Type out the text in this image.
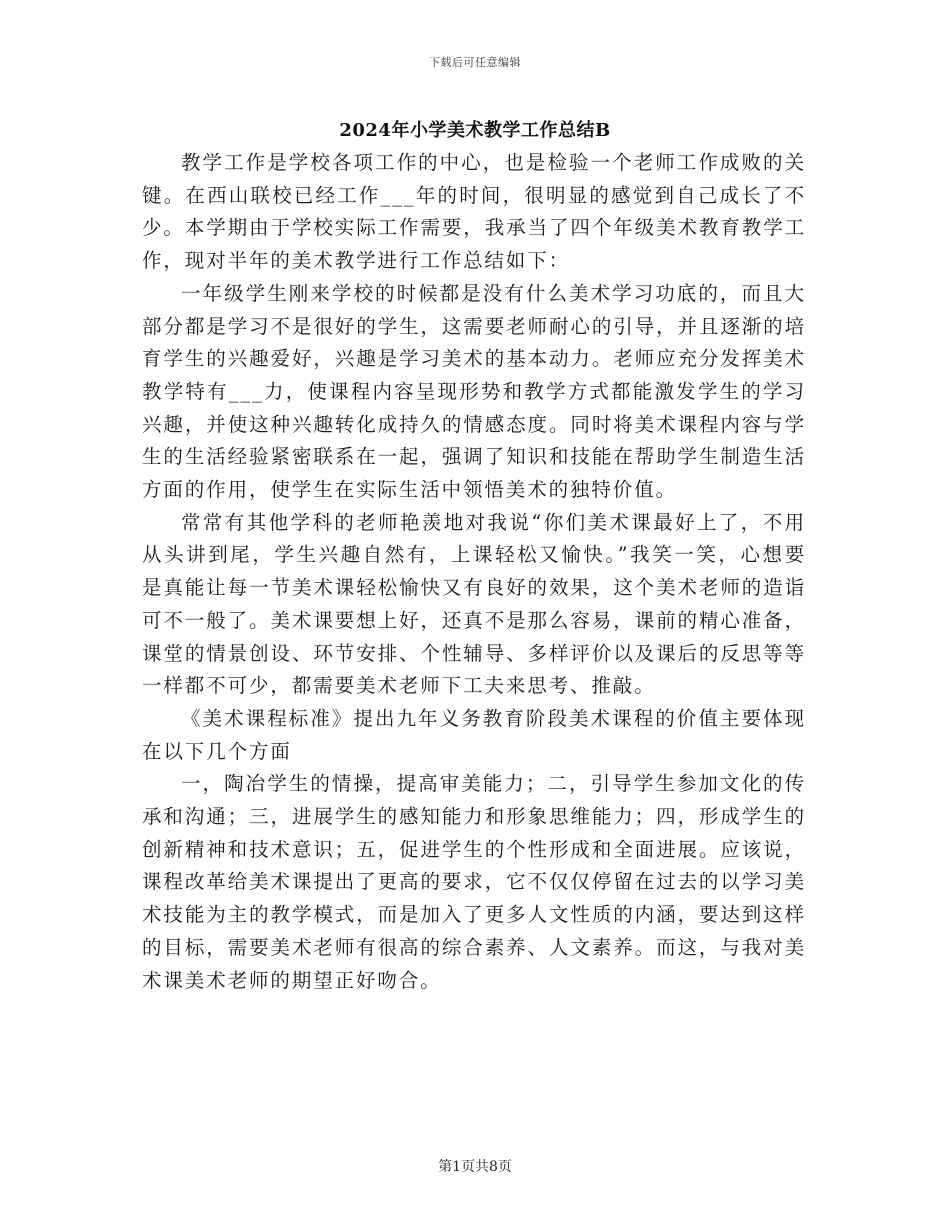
下载后可任意编辑
2024年小学美术教学工作总结B

教学工作是学校各项工作的中心，也是检验一个老师工作成败的关键。在西山联校已经工作___年的时间，很明显的感觉到自己成长了不少。本学期由于学校实际工作需要，我承当了四个年级美术教育教学工作，现对半年的美术教学进行工作总结如下：

一年级学生刚来学校的时候都是没有什么美术学习功底的，而且大部分都是学习不是很好的学生，这需要老师耐心的引导，并且逐渐的培育学生的兴趣爱好，兴趣是学习美术的基本动力。老师应充分发挥美术教学特有___力，使课程内容呈现形势和教学方式都能激发学生的学习兴趣，并使这种兴趣转化成持久的情感态度。同时将美术课程内容与学生的生活经验紧密联系在一起，强调了知识和技能在帮助学生制造生活方面的作用，使学生在实际生活中领悟美术的独特价值。

常常有其他学科的老师艳羡地对我说“你们美术课最好上了，不用从头讲到尾，学生兴趣自然有，上课轻松又愉快。”我笑一笑，心想要是真能让每一节美术课轻松愉快又有良好的效果，这个美术老师的造诣可不一般了。美术课要想上好，还真不是那么容易，课前的精心准备，课堂的情景创设、环节安排、个性辅导、多样评价以及课后的反思等等一样都不可少，都需要美术老师下工夫来思考、推敲。

《美术课程标准》提出九年义务教育阶段美术课程的价值主要体现在以下几个方面

一，陶冶学生的情操，提高审美能力；二，引导学生参加文化的传承和沟通；三，进展学生的感知能力和形象思维能力；四，形成学生的创新精神和技术意识；五，促进学生的个性形成和全面进展。应该说，课程改革给美术课提出了更高的要求，它不仅仅停留在过去的以学习美术技能为主的教学模式，而是加入了更多人文性质的内涵，要达到这样的目标，需要美术老师有很高的综合素养、人文素养。而这，与我对美术课美术老师的期望正好吻合。

第1页共8页
